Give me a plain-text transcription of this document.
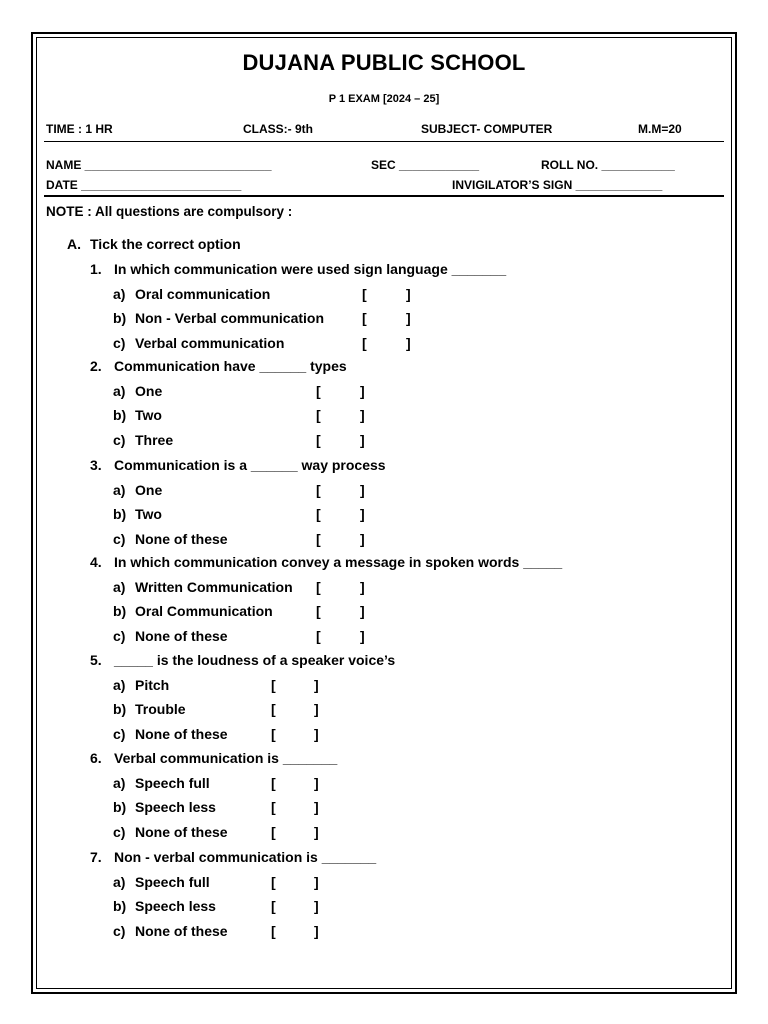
DUJANA PUBLIC SCHOOL
P 1 EXAM [2024 – 25]
TIME : 1 HR	CLASS:- 9th	SUBJECT- COMPUTER	M.M=20
NAME ____________________________	SEC ____________	ROLL NO. ___________
DATE ________________________	INVIGILATOR’S SIGN _____________
NOTE : All questions are compulsory :
A. Tick the correct option
1. In which communication were used sign language _______
a) Oral communication	[	]
b) Non - Verbal communication	[	]
c) Verbal communication	[	]
2. Communication have ______ types
a) One	[	]
b) Two	[	]
c) Three	[	]
3. Communication is a ______ way process
a) One	[	]
b) Two	[	]
c) None of these	[	]
4. In which communication convey a message in spoken words _____
a) Written Communication [	]
b) Oral Communication	[	]
c) None of these	[	]
5. _____ is the loudness of a speaker voice’s
a) Pitch	[	]
b) Trouble	[	]
c) None of these	[	]
6. Verbal communication is _______
a) Speech full	[	]
b) Speech less	[	]
c) None of these	[	]
7. Non - verbal communication is _______
a) Speech full	[	]
b) Speech less	[	]
c) None of these	[	]
